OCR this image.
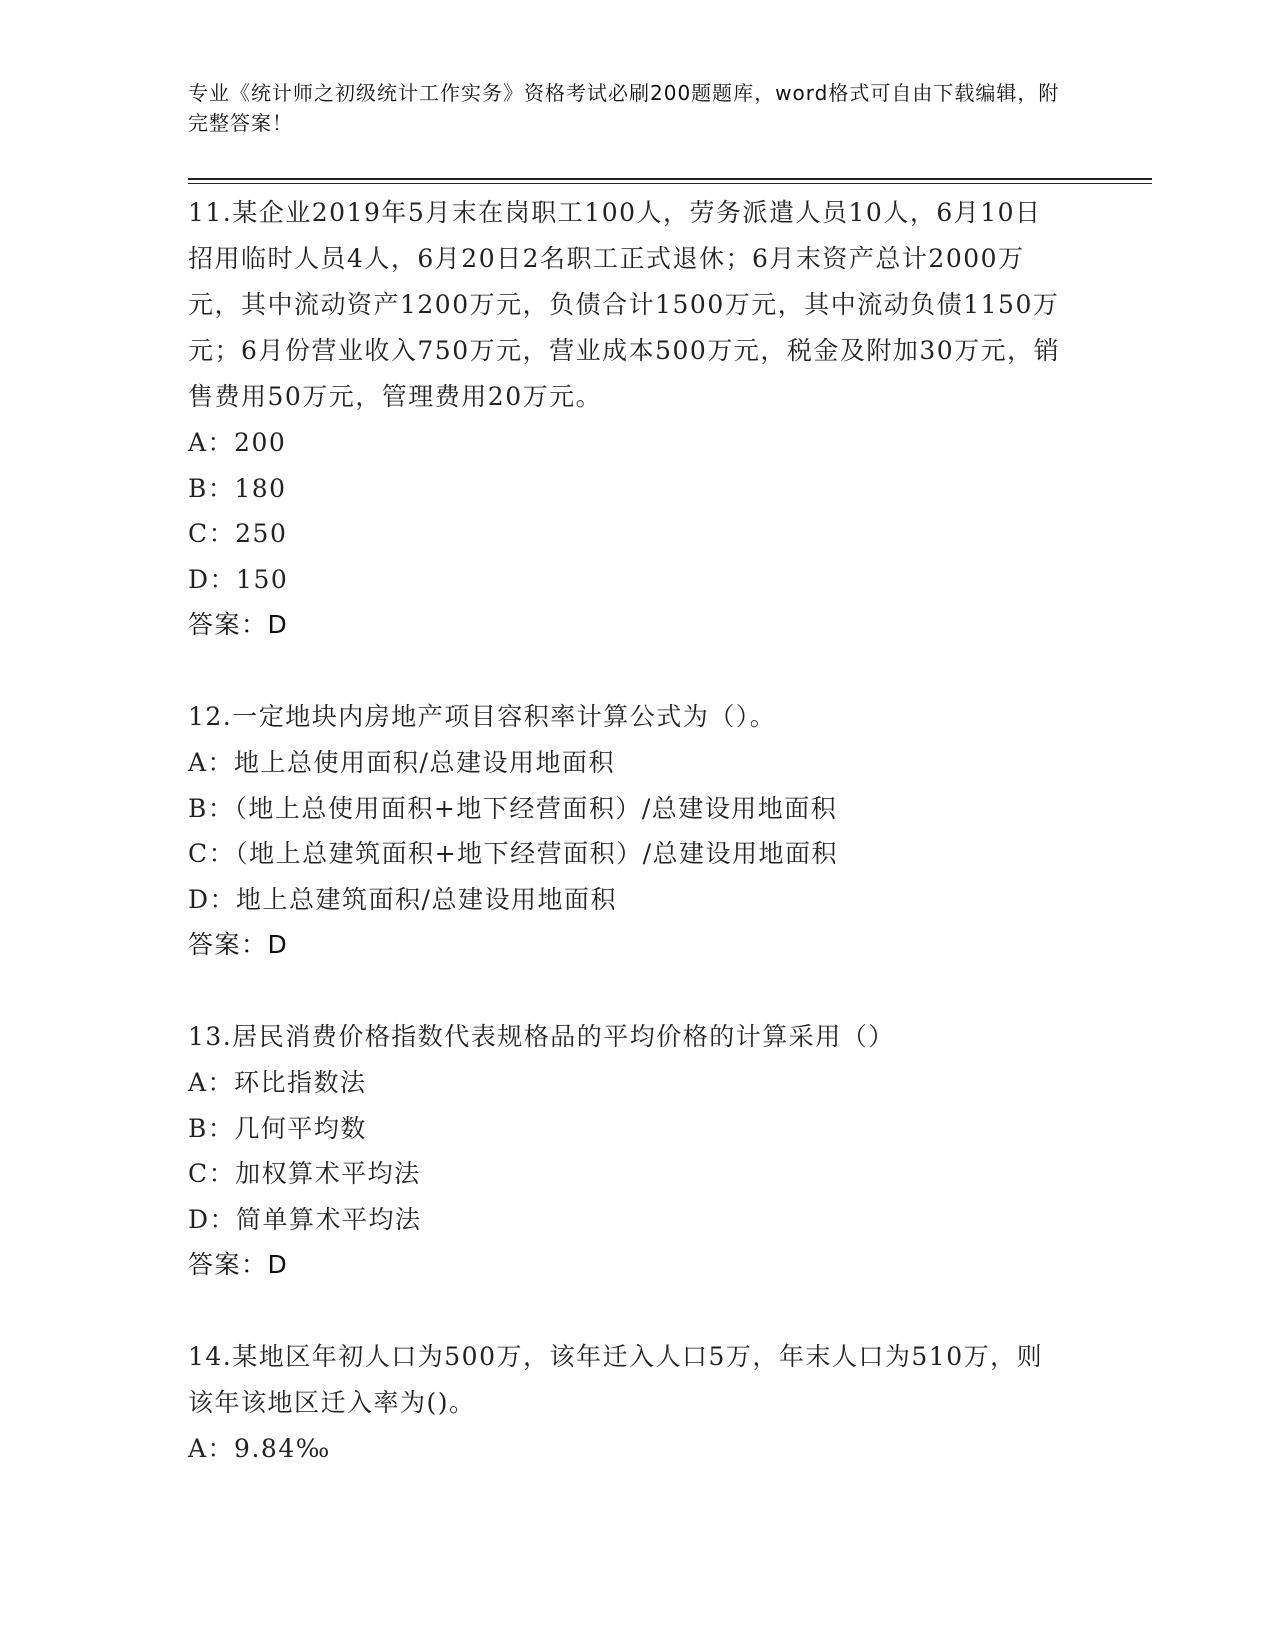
专业《统计师之初级统计工作实务》资格考试必刷200题题库，word格式可自由下载编辑，附完整答案！

11.某企业2019年5月末在岗职工100人，劳务派遣人员10人，6月10日招用临时人员4人，6月20日2名职工正式退休；6月末资产总计2000万元，其中流动资产1200万元，负债合计1500万元，其中流动负债1150万元；6月份营业收入750万元，营业成本500万元，税金及附加30万元，销售费用50万元，管理费用20万元。

A：200

B：180

C：250

D：150

答案：D

12.一定地块内房地产项目容积率计算公式为（）。

A：地上总使用面积/总建设用地面积

B：（地上总使用面积+地下经营面积）/总建设用地面积

C：（地上总建筑面积+地下经营面积）/总建设用地面积

D：地上总建筑面积/总建设用地面积

答案：D

13.居民消费价格指数代表规格品的平均价格的计算采用（）

A：环比指数法

B：几何平均数

C：加权算术平均法

D：简单算术平均法

答案：D

14.某地区年初人口为500万，该年迁入人口5万，年末人口为510万，则该年该地区迁入率为()。

A：9.84‰
